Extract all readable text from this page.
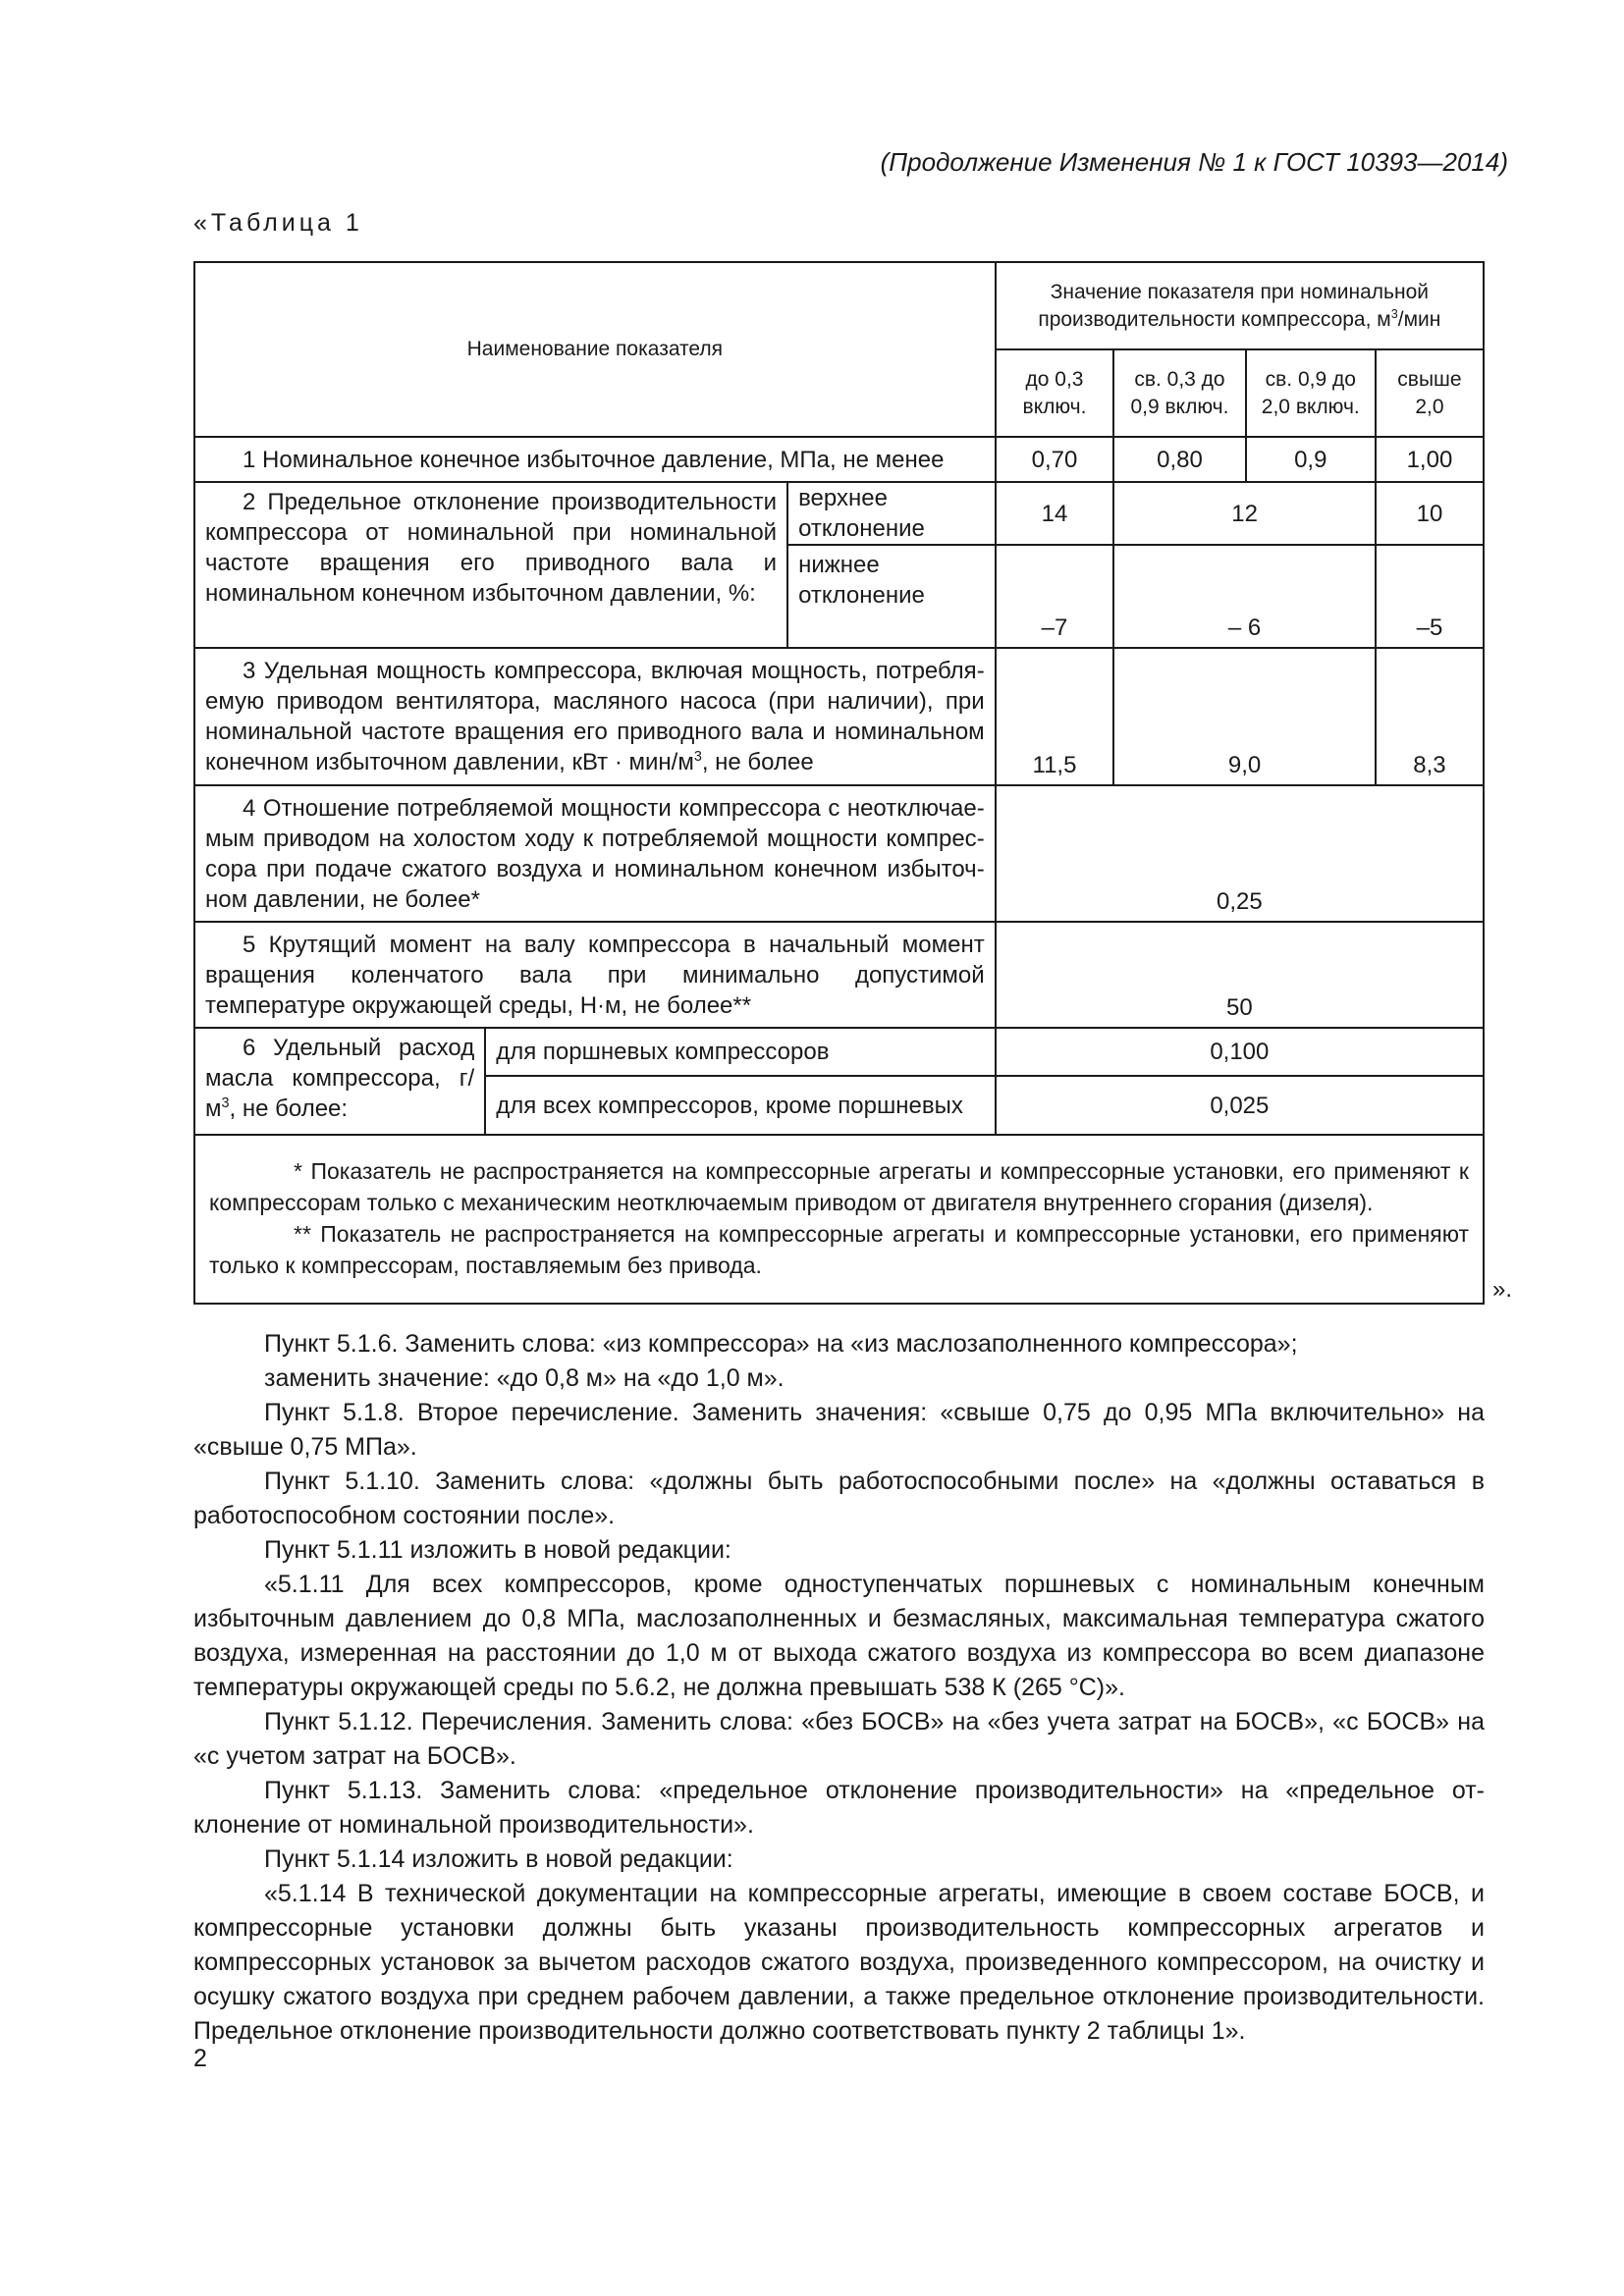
(Продолжение Изменения № 1 к ГОСТ 10393—2014)
«Таблица 1
Наименование показателя			Значение показателя при номинальной производительности компрессора, $м^3$/мин			
			до 0,3 включ.	св. 0,3 до 0,9 включ.	св. 0,9 до 2,0 включ.	свыше 2,0
1 Номинальное конечное избыточное давление, МПа, не менее			0,70	0,80	0,9	1,00
2 Предельное отклонение производительности компрессора от номинальной при номинальной частоте вращения его приводного вала и номинальном конечном избыточном давлении, %:		верхнее отклонение	14	12		10
		нижнее отклонение	–7	– 6		–5
3 Удельная мощность компрессора, включая мощность, потребляемую приводом вентилятора, масляного насоса (при наличии), при номинальной частоте вращения его приводного вала и номинальном конечном избыточном давлении, кВт · мин/$м^3$, не более			11,5	9,0		8,3
4 Отношение потребляемой мощности компрессора с неотключаемым приводом на холостом ходу к потребляемой мощности компрессора при подаче сжатого воздуха и номинальном конечном избыточном давлении, не более*			0,25			
5 Крутящий момент на валу компрессора в начальный момент вращения коленчатого вала при минимально допустимой температуре окружающей среды, Н·м, не более**			50			
6 Удельный расход масла компрессора, $г/м^3$, не более:	для поршневых компрессоров		0,100			
	для всех компрессоров, кроме поршневых		0,025			

* Показатель не распространяется на компрессорные агрегаты и компрессорные установки, его применяют к компрессорам только с механическим неотключаемым приводом от двигателя внутреннего сгорания (дизеля).
** Показатель не распространяется на компрессорные агрегаты и компрессорные установки, его применяют только к компрессорам, поставляемым без привода.						
».

Пункт 5.1.6. Заменить слова: «из компрессора» на «из маслозаполненного компрессора»;

заменить значение: «до 0,8 м» на «до 1,0 м».

Пункт 5.1.8. Второе перечисление. Заменить значения: «свыше 0,75 до 0,95 МПа включительно» на «свыше 0,75 МПа».

Пункт 5.1.10. Заменить слова: «должны быть работоспособными после» на «должны оставаться в работоспособном состоянии после».

Пункт 5.1.11 изложить в новой редакции:

«5.1.11 Для всех компрессоров, кроме одноступенчатых поршневых с номинальным конечным избыточным давлением до 0,8 МПа, маслозаполненных и безмасляных, максимальная температура сжатого воздуха, измеренная на расстоянии до 1,0 м от выхода сжатого воздуха из компрессора во всем диапазоне температуры окружающей среды по 5.6.2, не должна превышать 538 К (265 °С)».

Пункт 5.1.12. Перечисления. Заменить слова: «без БОСВ» на «без учета затрат на БОСВ», «с БОСВ» на «с учетом затрат на БОСВ».

Пункт 5.1.13. Заменить слова: «предельное отклонение производительности» на «предельное отклонение от номинальной производительности».

Пункт 5.1.14 изложить в новой редакции:

«5.1.14 В технической документации на компрессорные агрегаты, имеющие в своем составе БОСВ, и компрессорные установки должны быть указаны производительность компрессорных агрегатов и компрессорных установок за вычетом расходов сжатого воздуха, произведенного компрессором, на очистку и осушку сжатого воздуха при среднем рабочем давлении, а также предельное отклонение производительности. Предельное отклонение производительности должно соответствовать пункту 2 таблицы 1».

2
